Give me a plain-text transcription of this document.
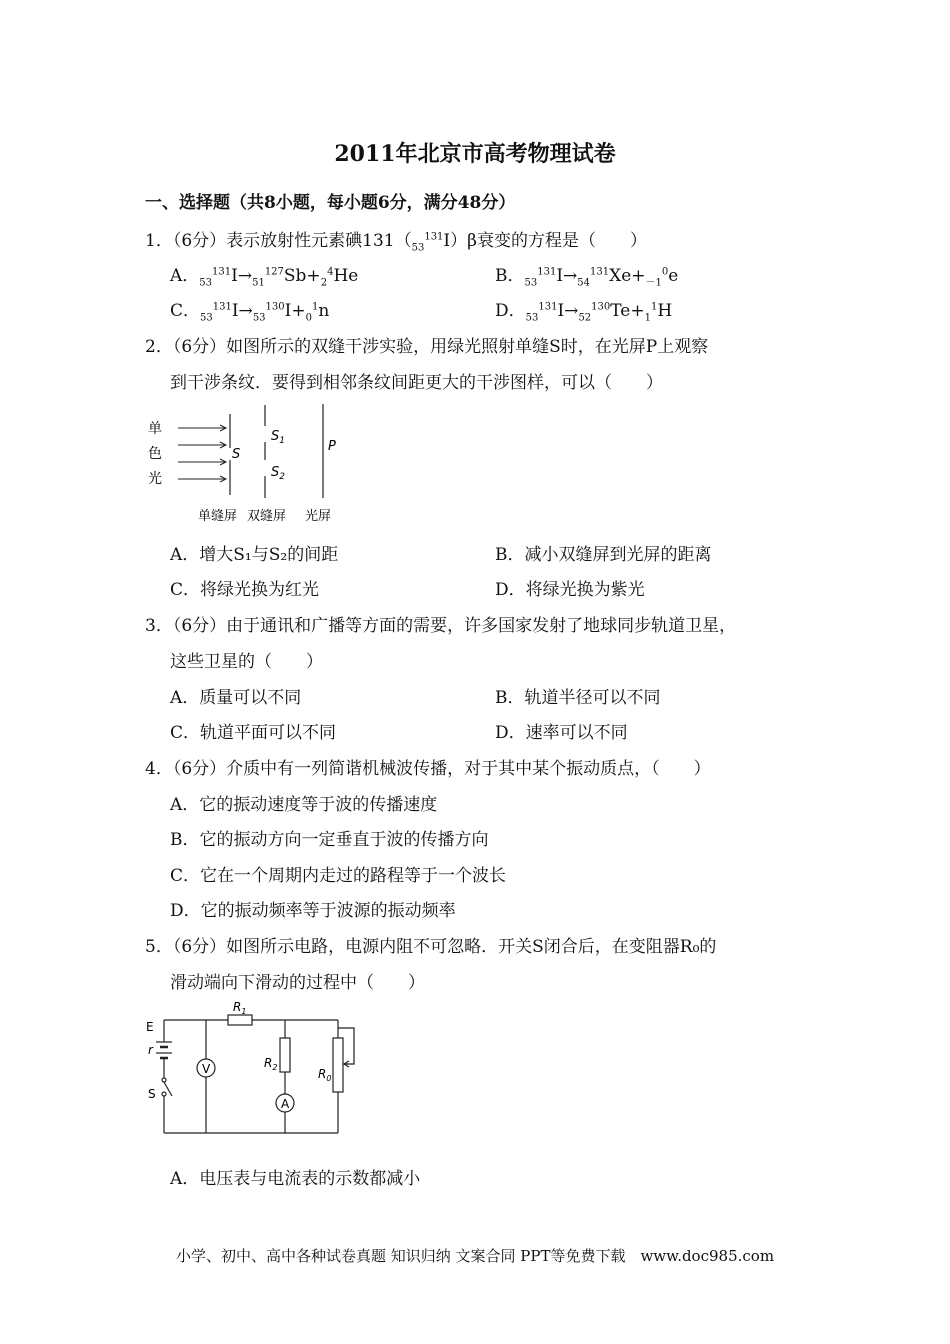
2011年北京市高考物理试卷
一、选择题（共8小题，每小题6分，满分48分）
1．（6分）表示放射性元素碘$131(_{53}^{131}I)\beta$衰变的方程是（　　）
A．$_{53}^{131}I\to_{51}^{127}Sb+_2^4He$	B．$_{53}^{131}I\to_{54}^{131}Xe+_{-1}^0e$
C．$_{53}^{131}I\to_{53}^{130}I+_0^1n$	D．$_{53}^{131}I\to_{52}^{130}Te+_1^1H$
2．（6分）如图所示的双缝干涉实验，用绿光照射单缝S时，在光屏P上观察
到干涉条纹．要得到相邻条纹间距更大的干涉图样，可以（　　）
单
色
光
S
$S_1$
$S_2$
P
单缝屏 双缝屏 光屏
A．增大S₁与S₂的间距	B．减小双缝屏到光屏的距离
C．将绿光换为红光	D．将绿光换为紫光
3．（6分）由于通讯和广播等方面的需要，许多国家发射了地球同步轨道卫星，
这些卫星的（　　）
A．质量可以不同	B．轨道半径可以不同
C．轨道平面可以不同	D．速率可以不同
4．（6分）介质中有一列简谐机械波传播，对于其中某个振动质点，（　　）
A．它的振动速度等于波的传播速度
B．它的振动方向一定垂直于波的传播方向
C．它在一个周期内走过的路程等于一个波长
D．它的振动频率等于波源的振动频率
5．（6分）如图所示电路，电源内阻不可忽略．开关S闭合后，在变阻器R₀的
滑动端向下滑动的过程中（　　）
V
A
E
r
S
$R_1$
$R_2$	$R_0$
A．电压表与电流表的示数都减小
小学、初中、高中各种试卷真题 知识归纳 文案合同 PPT等免费下载　www.doc985.com
